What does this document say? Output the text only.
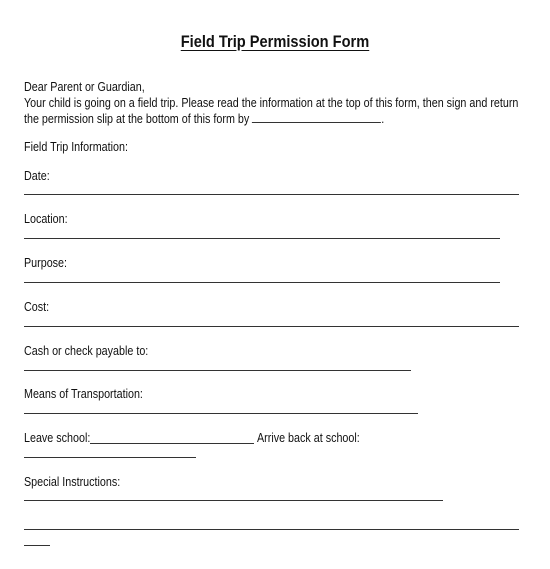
Field Trip Permission Form
Dear Parent or Guardian,
Your child is going on a field trip. Please read the information at the top of this form, then sign and return
the permission slip at the bottom of this form by	.
Field Trip Information:
Date:
Location:
Purpose:
Cost:
Cash or check payable to:
Means of Transportation:
Leave school:	Arrive back at school:
Special Instructions:
